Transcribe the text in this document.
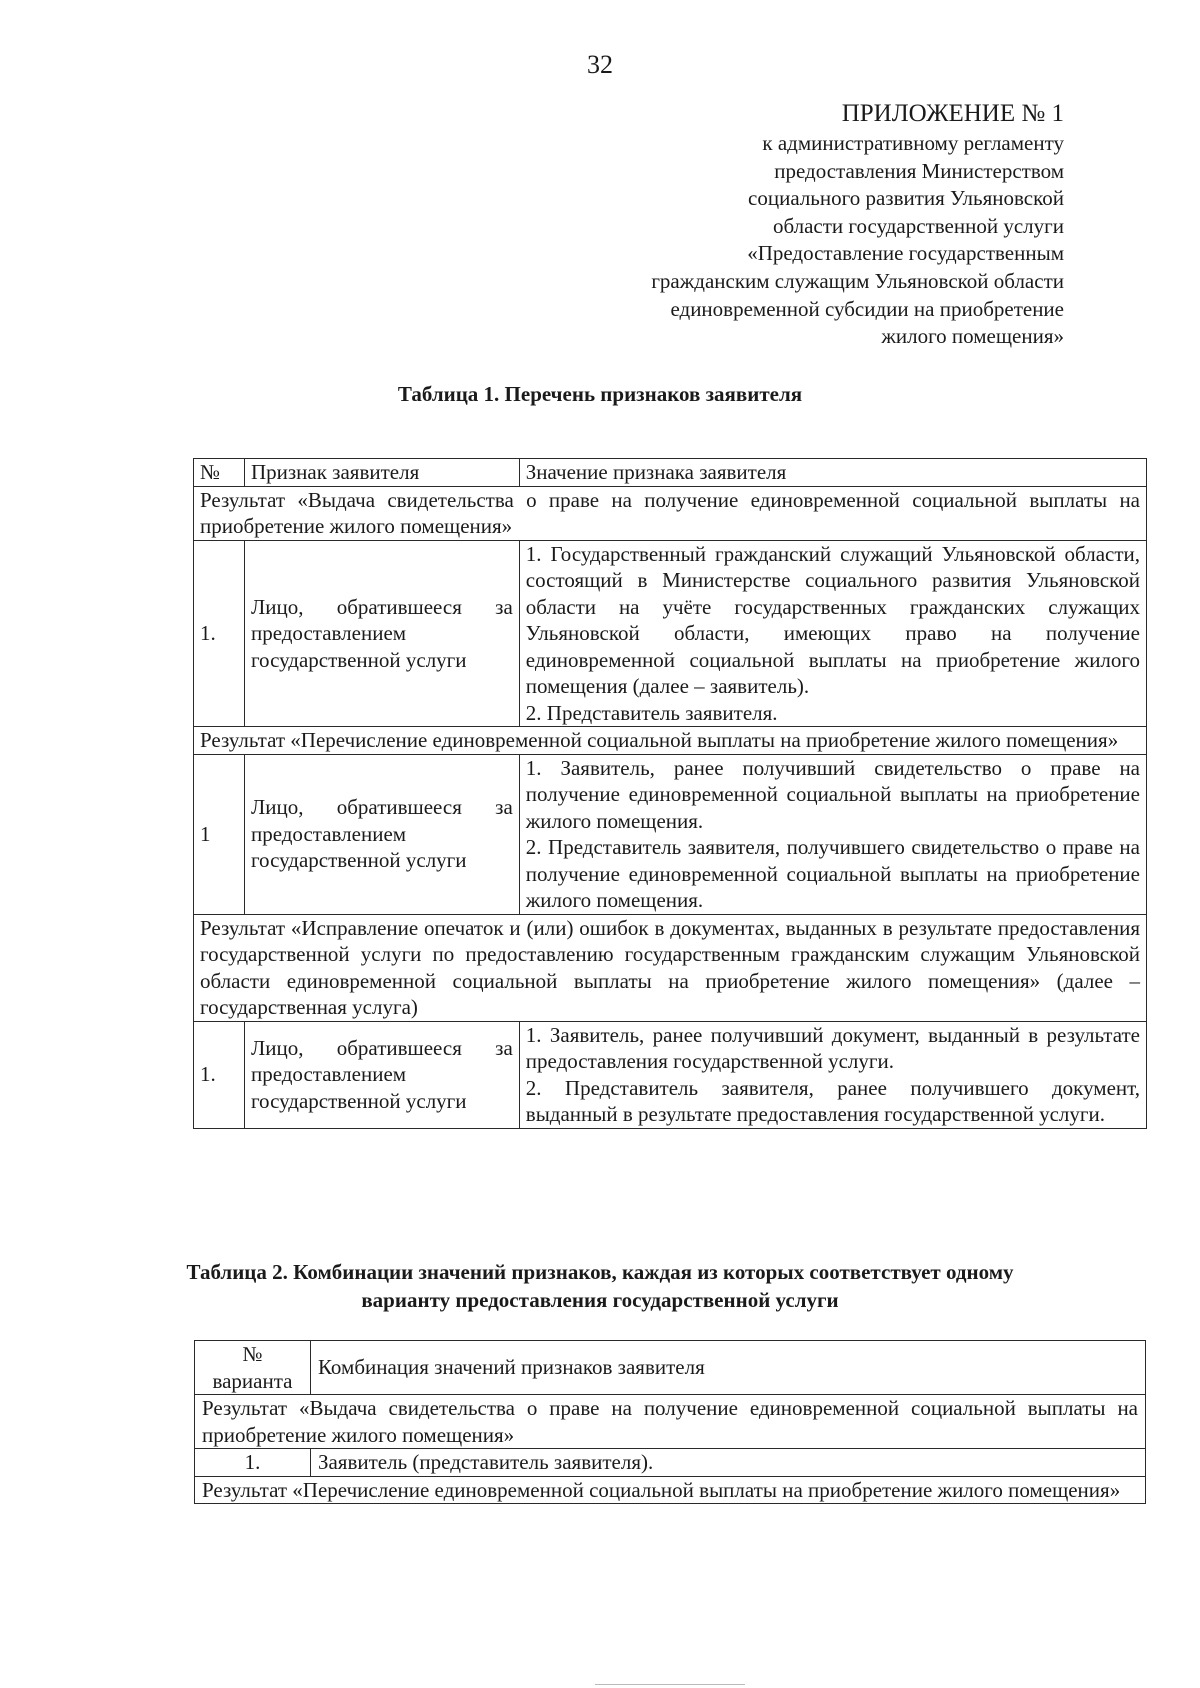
32
ПРИЛОЖЕНИЕ № 1
к административному регламенту
предоставления Министерством
социального развития Ульяновской
области государственной услуги
«Предоставление государственным
гражданским служащим Ульяновской области
единовременной субсидии на приобретение
жилого помещения»
Таблица 1. Перечень признаков заявителя
№	Признак заявителя	Значение признака заявителя
Результат «Выдача свидетельства о праве на получение единовременной социальной выплаты на приобретение жилого помещения»		
1.	Лицо, обратившееся за предоставлением государственной услуги	1. Государственный гражданский служащий Ульяновской области, состоящий в Министерстве социального развития Ульяновской области на учёте государственных гражданских служащих Ульяновской области, имеющих право на получение единовременной социальной выплаты на приобретение жилого помещения (далее – заявитель).
2. Представитель заявителя.

Результат «Перечисление единовременной социальной выплаты на приобретение жилого помещения»		
1	Лицо, обратившееся за предоставлением государственной услуги	1. Заявитель, ранее получивший свидетельство о праве на получение единовременной социальной выплаты на приобретение жилого помещения.
2. Представитель заявителя, получившего свидетельство о праве на получение единовременной социальной выплаты на приобретение жилого помещения.

Результат «Исправление опечаток и (или) ошибок в документах, выданных в результате предоставления государственной услуги по предоставлению государственным гражданским служащим Ульяновской области единовременной социальной выплаты на приобретение жилого помещения» (далее – государственная услуга)		
1.	Лицо, обратившееся за предоставлением государственной услуги	1. Заявитель, ранее получивший документ, выданный в результате предоставления государственной услуги.
2. Представитель заявителя, ранее получившего документ, выданный в результате предоставления государственной услуги.
Таблица 2. Комбинации значений признаков, каждая из которых соответствует одному
варианту предоставления государственной услуги
№
варианта	Комбинация значений признаков заявителя
Результат «Выдача свидетельства о праве на получение единовременной социальной выплаты на приобретение жилого помещения»	
1.	Заявитель (представитель заявителя).
Результат «Перечисление единовременной социальной выплаты на приобретение жилого помещения»	
